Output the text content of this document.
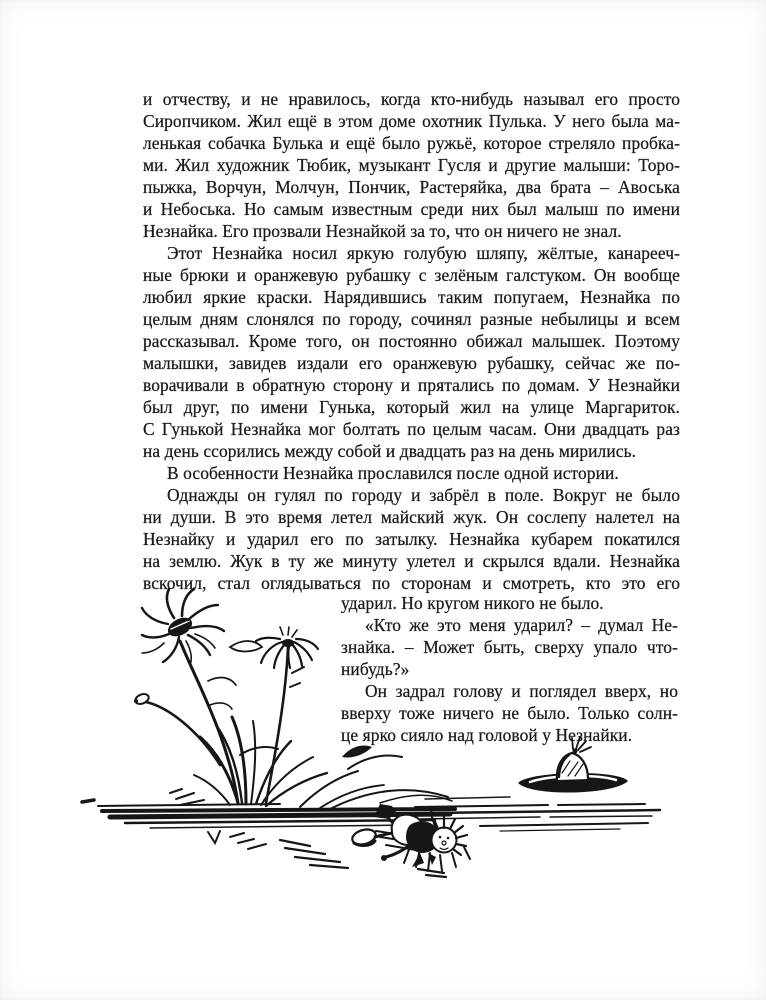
и отчеству, и не нравилось, когда кто-нибудь называл его просто
Сиропчиком. Жил ещё в этом доме охотник Пулька. У него была ма-
ленькая собачка Булька и ещё было ружьё, которое стреляло пробка-
ми. Жил художник Тюбик, музыкант Гусля и другие малыши: Торо-
пыжка, Ворчун, Молчун, Пончик, Растеряйка, два брата – Авоська
и Небоська. Но самым известным среди них был малыш по имени
Незнайка. Его прозвали Незнайкой за то, что он ничего не знал.
Этот Незнайка носил яркую голубую шляпу, жёлтые, канарееч-
ные брюки и оранжевую рубашку с зелёным галстуком. Он вообще
любил яркие краски. Нарядившись таким попугаем, Незнайка по
целым дням слонялся по городу, сочинял разные небылицы и всем
рассказывал. Кроме того, он постоянно обижал малышек. Поэтому
малышки, завидев издали его оранжевую рубашку, сейчас же по-
ворачивали в обратную сторону и прятались по домам. У Незнайки
был друг, по имени Гунька, который жил на улице Маргариток.
С Гунькой Незнайка мог болтать по целым часам. Они двадцать раз
на день ссорились между собой и двадцать раз на день мирились.
В особенности Незнайка прославился после одной истории.
Однажды он гулял по городу и забрёл в поле. Вокруг не было
ни души. В это время летел майский жук. Он сослепу налетел на
Незнайку и ударил его по затылку. Незнайка кубарем покатился
на землю. Жук в ту же минуту улетел и скрылся вдали. Незнайка
вскочил, стал оглядываться по сторонам и смотреть, кто это его
ударил. Но кругом никого не было.
«Кто же это меня ударил? – думал Не-
знайка. – Может быть, сверху упало что-
нибудь?»
Он задрал голову и поглядел вверх, но
вверху тоже ничего не было. Только солн-
це ярко сияло над головой у Незнайки.
